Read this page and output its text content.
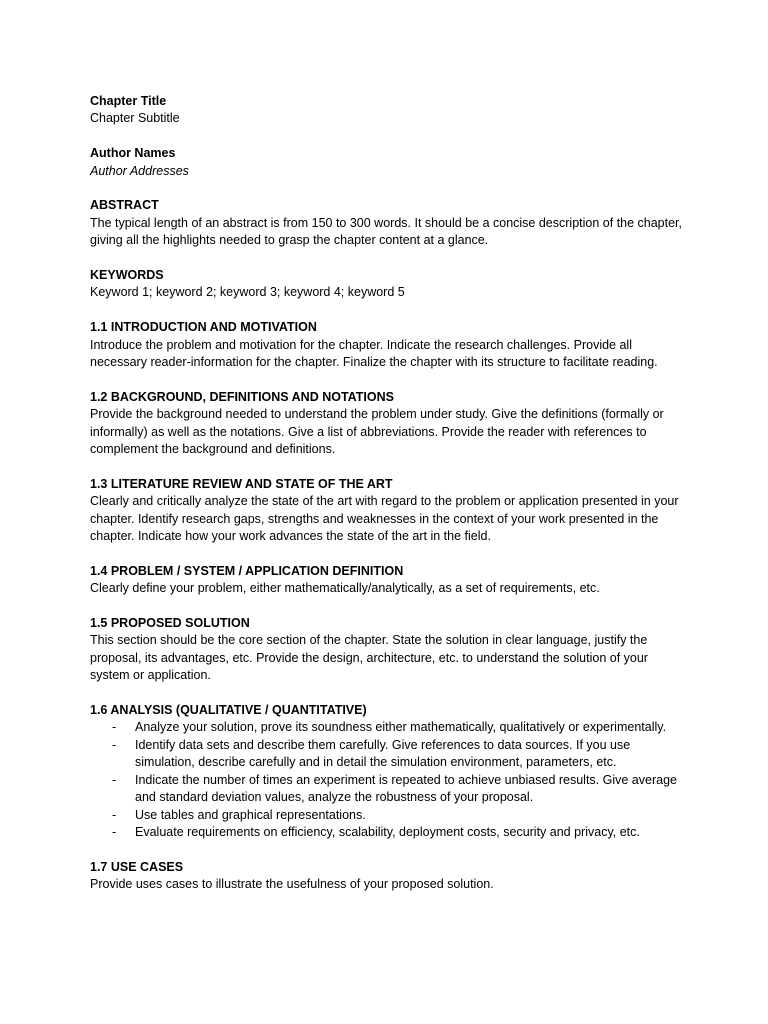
Chapter Title

Chapter Subtitle

Author Names

Author Addresses

ABSTRACT

The typical length of an abstract is from 150 to 300 words. It should be a concise description of the chapter, giving all the highlights needed to grasp the chapter content at a glance.

KEYWORDS

Keyword 1; keyword 2; keyword 3; keyword 4; keyword 5

1.1 INTRODUCTION AND MOTIVATION

Introduce the problem and motivation for the chapter. Indicate the research challenges. Provide all necessary reader-information for the chapter. Finalize the chapter with its structure to facilitate reading.

1.2 BACKGROUND, DEFINITIONS AND NOTATIONS

Provide the background needed to understand the problem under study. Give the definitions (formally or informally) as well as the notations. Give a list of abbreviations. Provide the reader with references to complement the background and definitions.

1.3 LITERATURE REVIEW AND STATE OF THE ART

Clearly and critically analyze the state of the art with regard to the problem or application presented in your chapter. Identify research gaps, strengths and weaknesses in the context of your work presented in the chapter. Indicate how your work advances the state of the art in the field.

1.4 PROBLEM / SYSTEM / APPLICATION DEFINITION

Clearly define your problem, either mathematically/analytically, as a set of requirements, etc.

1.5 PROPOSED SOLUTION

This section should be the core section of the chapter. State the solution in clear language, justify the proposal, its advantages, etc. Provide the design, architecture, etc. to understand the solution of your system or application.

1.6 ANALYSIS (QUALITATIVE / QUANTITATIVE)

- Analyze your solution, prove its soundness either mathematically, qualitatively or experimentally.
- Identify data sets and describe them carefully. Give references to data sources. If you use simulation, describe carefully and in detail the simulation environment, parameters, etc.
- Indicate the number of times an experiment is repeated to achieve unbiased results. Give average and standard deviation values, analyze the robustness of your proposal.
- Use tables and graphical representations.
- Evaluate requirements on efficiency, scalability, deployment costs, security and privacy, etc.

1.7 USE CASES

Provide uses cases to illustrate the usefulness of your proposed solution.
